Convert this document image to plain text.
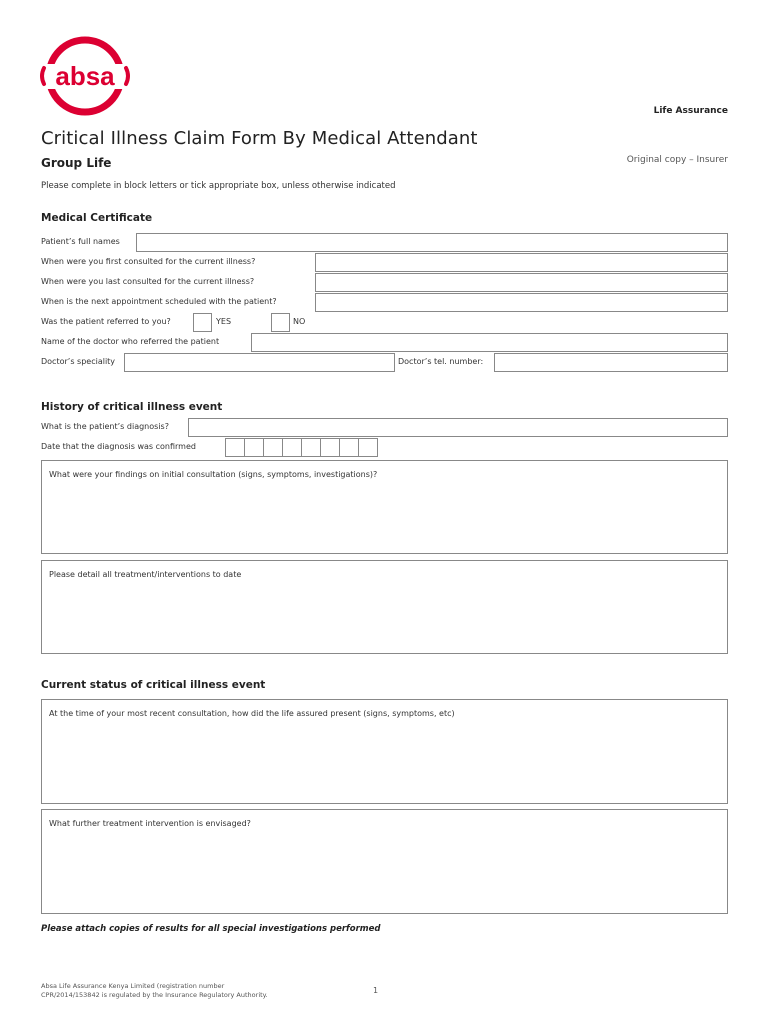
absa
Life Assurance
Critical Illness Claim Form By Medical Attendant
Group Life	Original copy – Insurer
Please complete in block letters or tick appropriate box, unless otherwise indicated
Medical Certificate
Patient’s full names
When were you first consulted for the current illness?
When were you last consulted for the current illness?
When is the next appointment scheduled with the patient?
Was the patient referred to you?	YES	NO
Name of the doctor who referred the patient
Doctor’s speciality	Doctor’s tel. number:
History of critical illness event
What is the patient’s diagnosis?
Date that the diagnosis was confirmed
What were your findings on initial consultation (signs, symptoms, investigations)?
Please detail all treatment/interventions to date
Current status of critical illness event
At the time of your most recent consultation, how did the life assured present (signs, symptoms, etc)
What further treatment intervention is envisaged?
Please attach copies of results for all special investigations performed
Absa Life Assurance Kenya Limited (registration number
CPR/2014/153842 is regulated by the Insurance Regulatory Authority.	1
